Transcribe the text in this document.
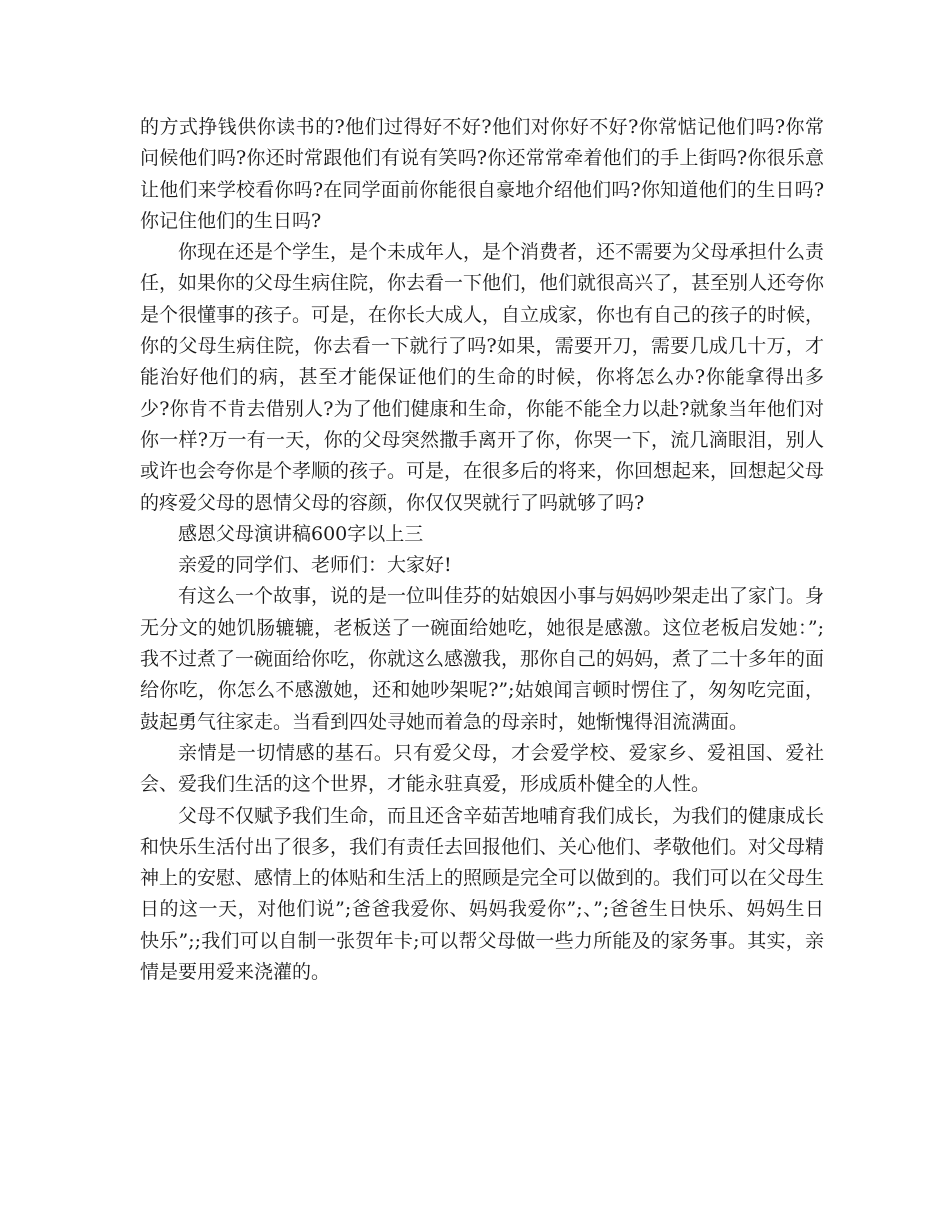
的方式挣钱供你读书的?他们过得好不好?他们对你好不好?你常惦记他们吗?你常问候他们吗?你还时常跟他们有说有笑吗?你还常常牵着他们的手上街吗?你很乐意让他们来学校看你吗?在同学面前你能很自豪地介绍他们吗?你知道他们的生日吗?你记住他们的生日吗?

你现在还是个学生，是个未成年人，是个消费者，还不需要为父母承担什么责任，如果你的父母生病住院，你去看一下他们，他们就很高兴了，甚至别人还夸你是个很懂事的孩子。可是，在你长大成人，自立成家，你也有自己的孩子的时候，你的父母生病住院，你去看一下就行了吗?如果，需要开刀，需要几成几十万，才能治好他们的病，甚至才能保证他们的生命的时候，你将怎么办?你能拿得出多少?你肯不肯去借别人?为了他们健康和生命，你能不能全力以赴?就象当年他们对你一样?万一有一天，你的父母突然撒手离开了你，你哭一下，流几滴眼泪，别人或许也会夸你是个孝顺的孩子。可是，在很多后的将来，你回想起来，回想起父母的疼爱父母的恩情父母的容颜，你仅仅哭就行了吗就够了吗?

感恩父母演讲稿600字以上三

亲爱的同学们、老师们：大家好!

有这么一个故事，说的是一位叫佳芬的姑娘因小事与妈妈吵架走出了家门。身无分文的她饥肠辘辘，老板送了一碗面给她吃，她很是感激。这位老板启发她：”;我不过煮了一碗面给你吃，你就这么感激我，那你自己的妈妈，煮了二十多年的面给你吃，你怎么不感激她，还和她吵架呢?”;姑娘闻言顿时愣住了，匆匆吃完面，鼓起勇气往家走。当看到四处寻她而着急的母亲时，她惭愧得泪流满面。

亲情是一切情感的基石。只有爱父母，才会爱学校、爱家乡、爱祖国、爱社会、爱我们生活的这个世界，才能永驻真爱，形成质朴健全的人性。

父母不仅赋予我们生命，而且还含辛茹苦地哺育我们成长，为我们的健康成长和快乐生活付出了很多，我们有责任去回报他们、关心他们、孝敬他们。对父母精神上的安慰、感情上的体贴和生活上的照顾是完全可以做到的。我们可以在父母生日的这一天，对他们说”;爸爸我爱你、妈妈我爱你”;、”;爸爸生日快乐、妈妈生日快乐”;;我们可以自制一张贺年卡;可以帮父母做一些力所能及的家务事。其实，亲情是要用爱来浇灌的。
